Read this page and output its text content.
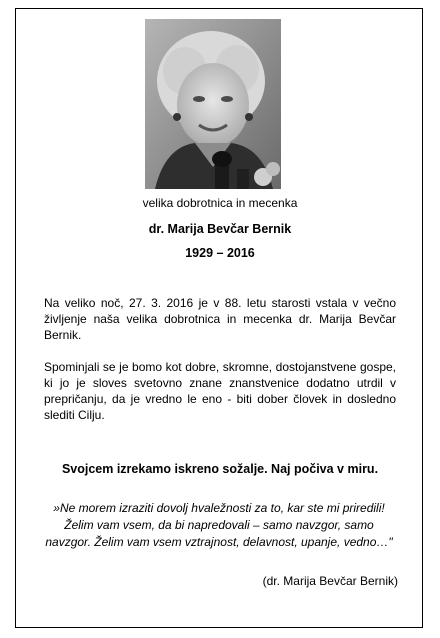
velika dobrotnica in mecenka
dr. Marija Bevčar Bernik
1929 – 2016
Na veliko noč, 27. 3. 2016 je v 88. letu starosti vstala v večno življenje naša velika dobrotnica in mecenka dr. Marija Bevčar Bernik.
Spominjali se je bomo kot dobre, skromne, dostojanstvene gospe, ki jo je sloves svetovno znane znanstvenice dodatno utrdil v prepričanju, da je vredno le eno - biti dober človek in dosledno slediti Cilju.
Svojcem izrekamo iskreno sožalje. Naj počiva v miru.
»Ne morem izraziti dovolj hvaležnosti za to, kar ste mi priredili! Želim vam vsem, da bi napredovali – samo navzgor, samo navzgor. Želim vam vsem vztrajnost, delavnost, upanje, vedno…"
(dr. Marija Bevčar Bernik)
